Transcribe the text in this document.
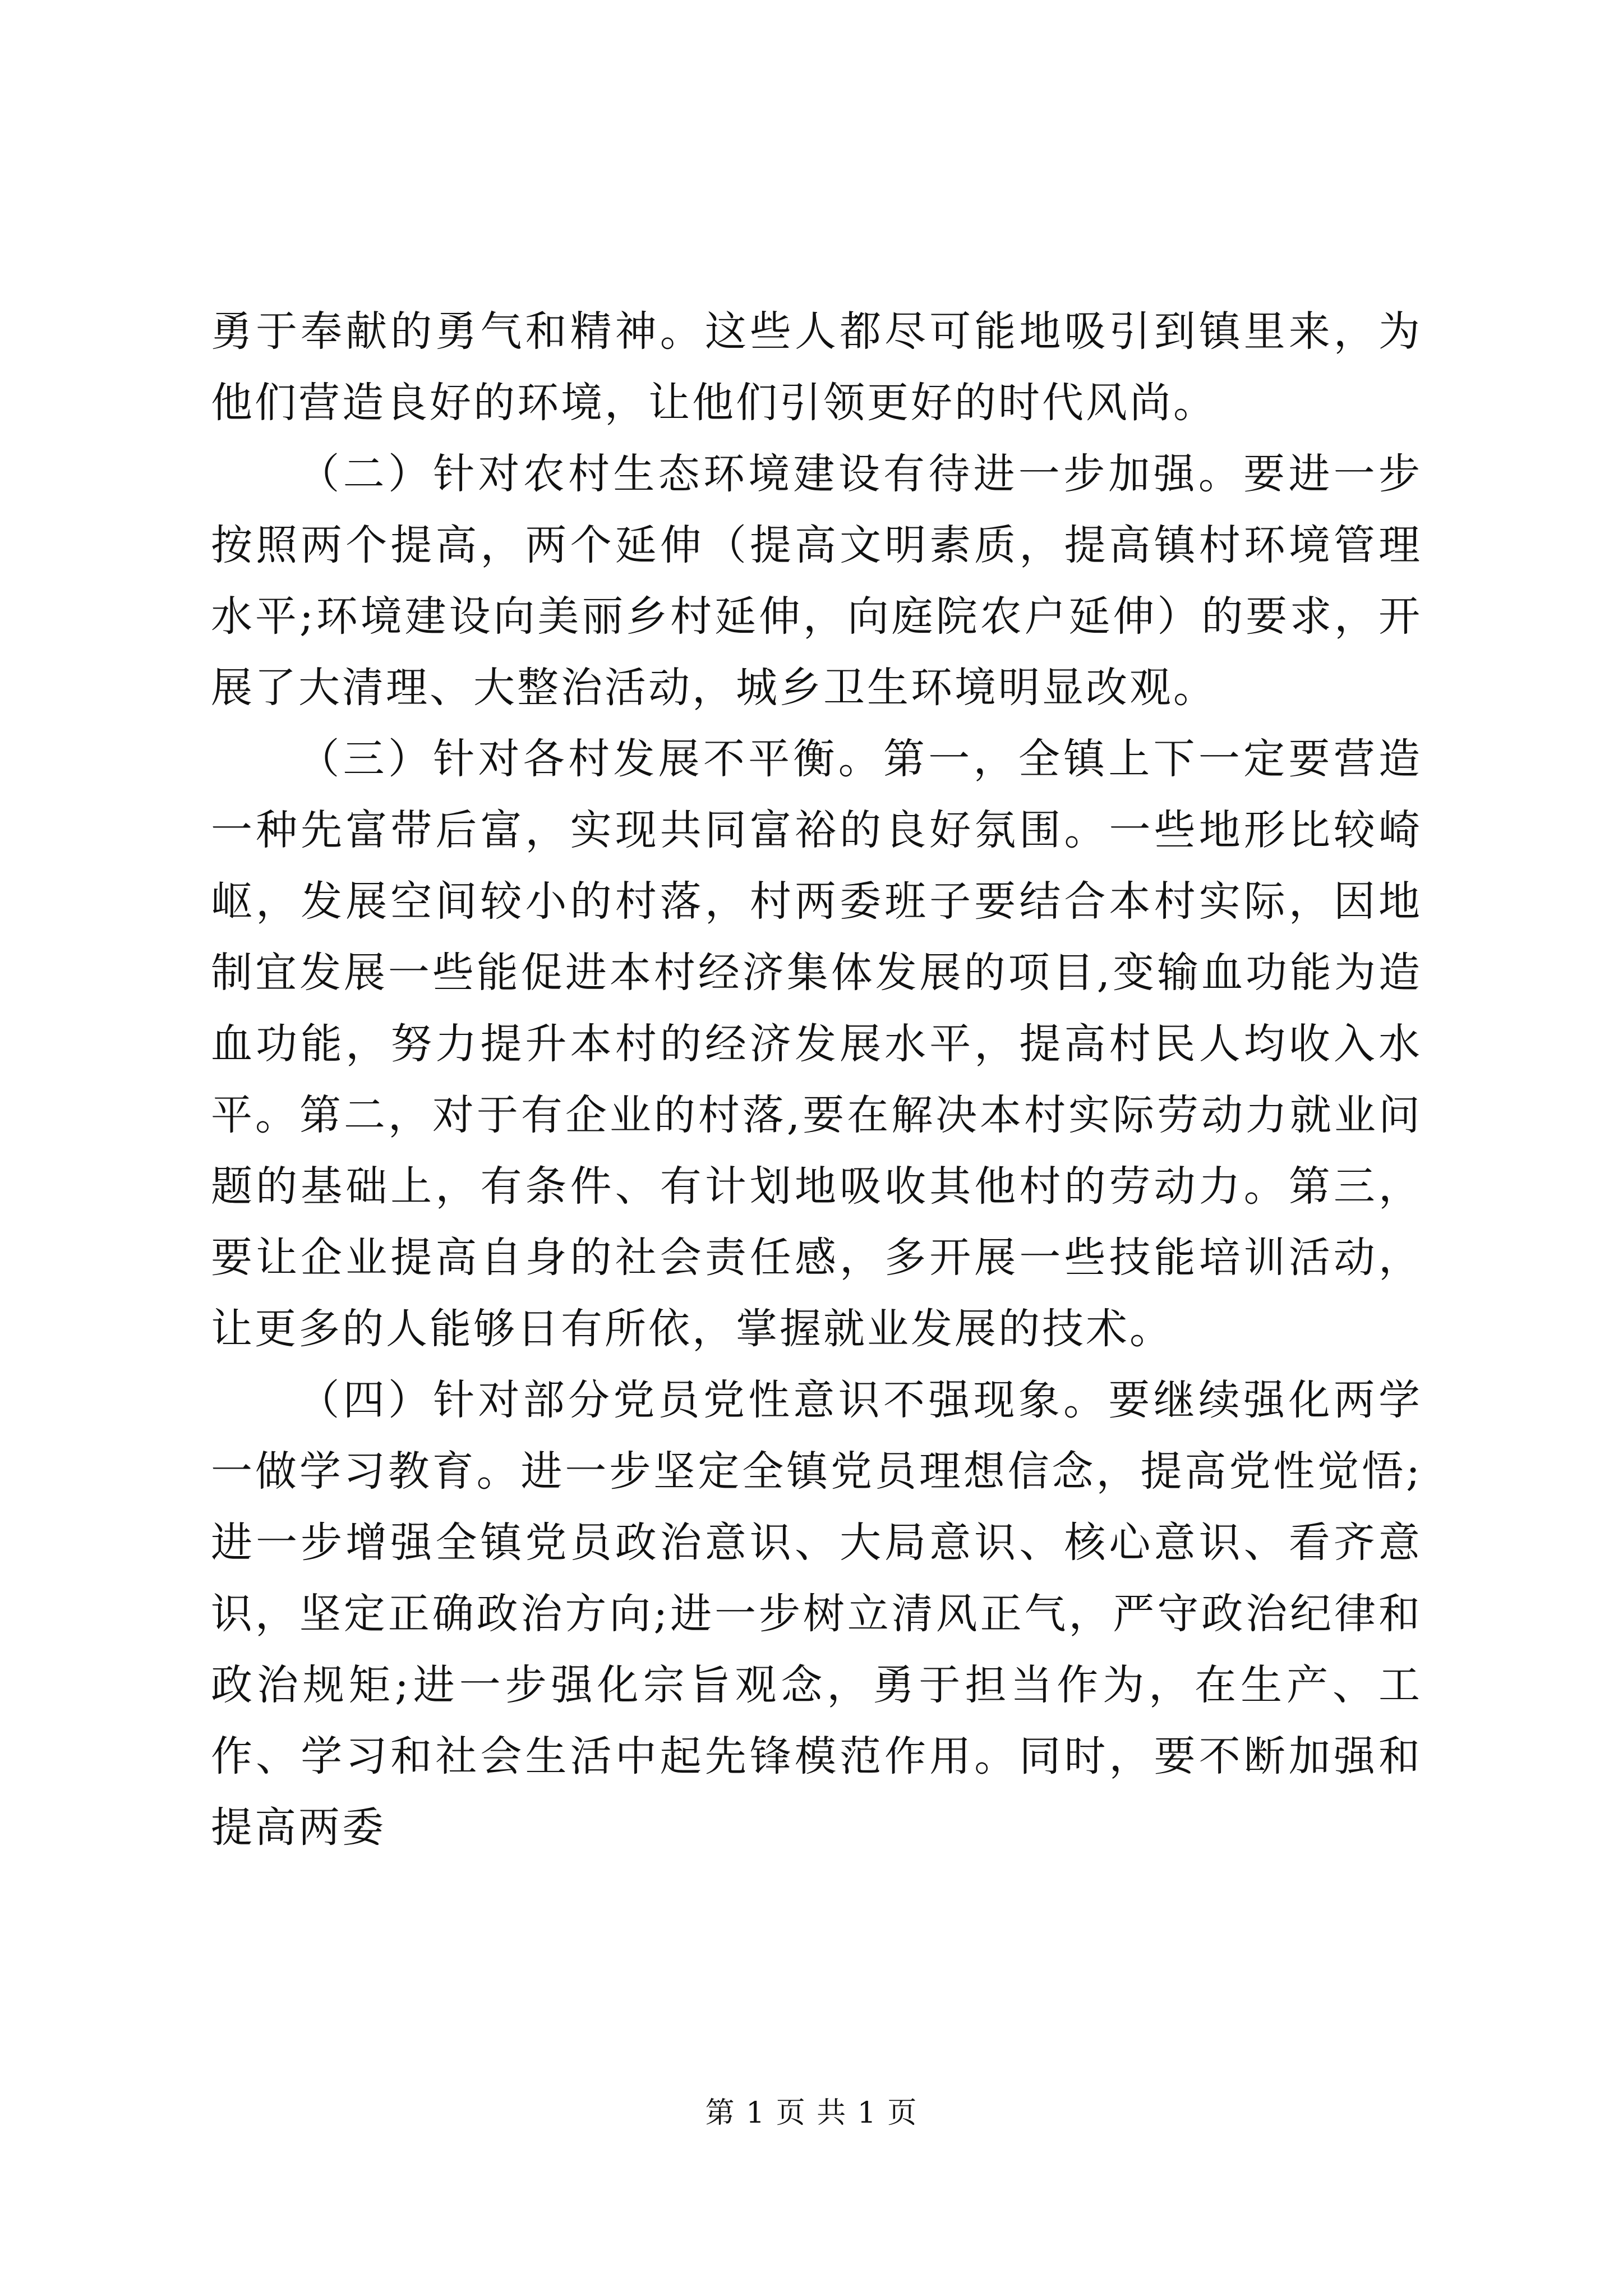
勇于奉献的勇气和精神。这些人都尽可能地吸引到镇里来，为他们营造良好的环境，让他们引领更好的时代风尚。

（二）针对农村生态环境建设有待进一步加强。要进一步按照两个提高，两个延伸（提高文明素质，提高镇村环境管理水平;环境建设向美丽乡村延伸，向庭院农户延伸）的要求，开展了大清理、大整治活动，城乡卫生环境明显改观。

（三）针对各村发展不平衡。第一，全镇上下一定要营造一种先富带后富，实现共同富裕的良好氛围。一些地形比较崎岖，发展空间较小的村落，村两委班子要结合本村实际，因地制宜发展一些能促进本村经济集体发展的项目,变输血功能为造血功能，努力提升本村的经济发展水平，提高村民人均收入水平。第二，对于有企业的村落,要在解决本村实际劳动力就业问题的基础上，有条件、有计划地吸收其他村的劳动力。第三，要让企业提高自身的社会责任感，多开展一些技能培训活动，让更多的人能够日有所依，掌握就业发展的技术。

（四）针对部分党员党性意识不强现象。要继续强化两学一做学习教育。进一步坚定全镇党员理想信念，提高党性觉悟;进一步增强全镇党员政治意识、大局意识、核心意识、看齐意识，坚定正确政治方向;进一步树立清风正气，严守政治纪律和政治规矩;进一步强化宗旨观念，勇于担当作为，在生产、工作、学习和社会生活中起先锋模范作用。同时，要不断加强和提高两委

第 1 页 共 1 页
